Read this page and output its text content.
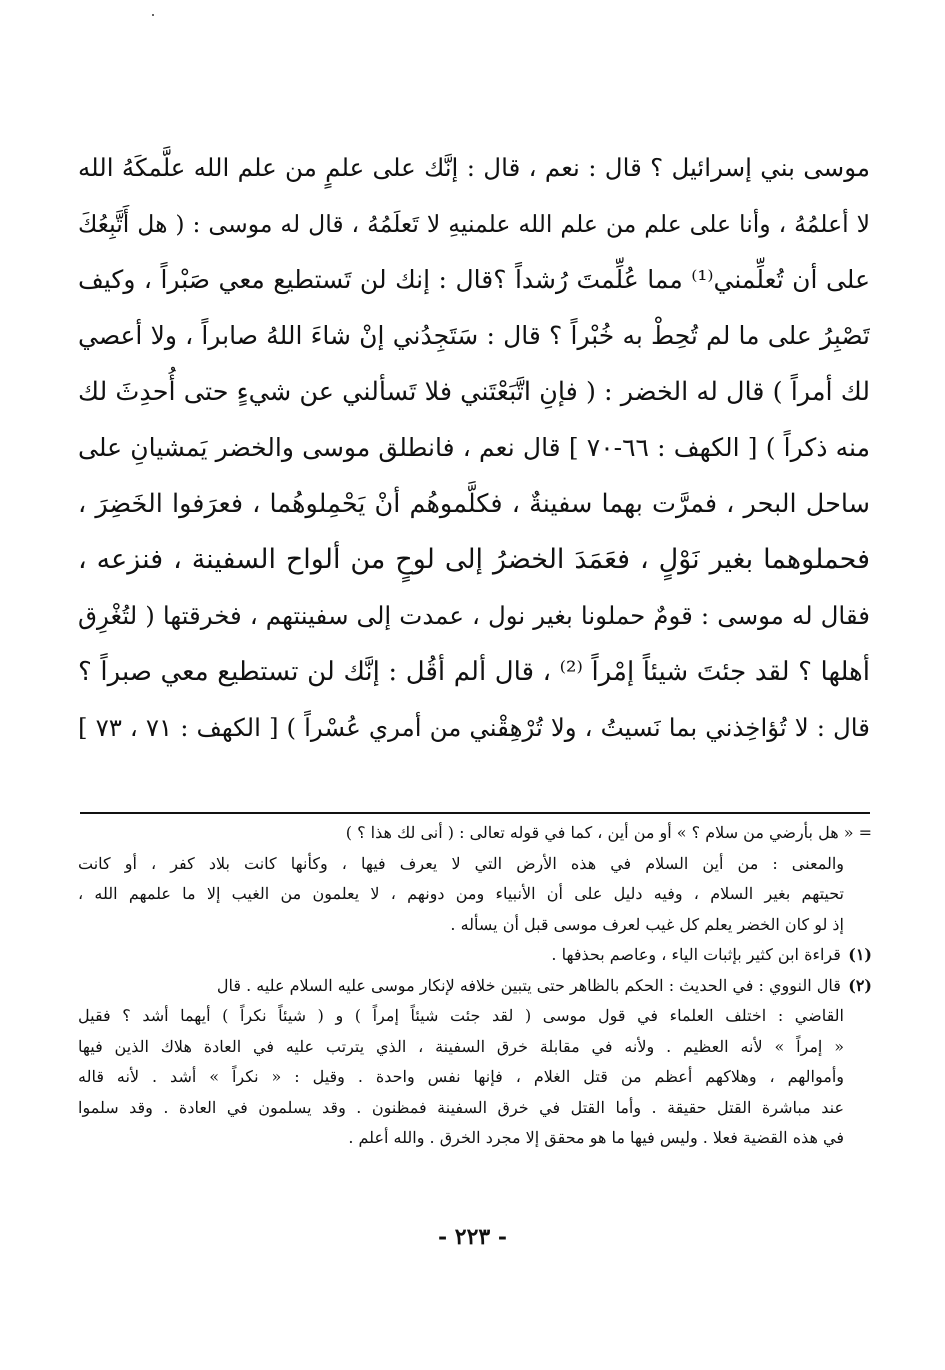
موسى بني إسرائيل ؟ قال : نعم ، قال : إنَّك على علمٍ من علم الله علَّمكَهُ الله
لا أعلمُهُ ، وأنا على علم من علم الله علمنيهِ لا تَعلَمُهُ ، قال له موسى : ( هل أَتَّبِعُكَ
على أن تُعلِّمني⁽¹⁾ مما عُلِّمتَ رُشداً ؟قال : إنك لن تَستطيع معي صَبْراً ، وكيف
تَصْبِرُ على ما لم تُحِطْ به خُبْراً ؟ قال : سَتَجِدُني إنْ شاءَ اللهُ صابراً ، ولا أعصي
لك أمراً ) قال له الخضر : ( فإنِ اتَّبَعْتَني فلا تَسألني عن شيءٍ حتى أُحدِثَ لك
منه ذكراً ) [ الكهف : ٦٦-٧٠ ] قال نعم ، فانطلق موسى والخضر يَمشيانِ على
ساحل البحر ، فمرَّت بهما سفينةٌ ، فكلَّموهُم أنْ يَحْمِلوهُما ، فعرَفوا الخَضِرَ ،
فحملوهما بغير نَوْلٍ ، فعَمَدَ الخضرُ إلى لوحٍ من ألواح السفينة ، فنزعه ،
فقال له موسى : قومٌ حملونا بغير نول ، عمدت إلى سفينتهم ، فخرقتها ( لتُغْرِق
أهلها ؟ لقد جئتَ شيئاً إمْراً ⁽²⁾ ، قال ألم أقُل : إنَّك لن تستطيع معي صبراً ؟
قال : لا تُؤاخِذني بما نَسيتُ ، ولا تُرْهِقْني من أمري عُسْراً ) [ الكهف : ٧١ ، ٧٣ ]
= « هل بأرضي من سلام ؟ » أو من أين ، كما في قوله تعالى : ( أنى لك هذا ؟ )
والمعنى : من أين السلام في هذه الأرض التي لا يعرف فيها ، وكأنها كانت بلاد كفر ، أو كانت
تحيتهم بغير السلام ، وفيه دليل على أن الأنبياء ومن دونهم ، لا يعلمون من الغيب إلا ما علمهم الله ،
إذ لو كان الخضر يعلم كل غيب لعرف موسى قبل أن يسأله .
(١) قراءة ابن كثير بإثبات الياء ، وعاصم بحذفها .
(٢) قال النووي : في الحديث : الحكم بالظاهر حتى يتبين خلافه لإنكار موسى عليه السلام عليه . قال
القاضي : اختلف العلماء في قول موسى ( لقد جئت شيئاً إمراً ) و ( شيئاً نكراً ) أيهما أشد ؟ فقيل
« إمراً » لأنه العظيم . ولأنه في مقابلة خرق السفينة ، الذي يترتب عليه في العادة هلاك الذين فيها
وأموالهم ، وهلاكهم أعظم من قتل الغلام ، فإنها نفس واحدة . وقيل : « نكراً » أشد . لأنه قاله
عند مباشرة القتل حقيقة . وأما القتل في خرق السفينة فمظنون . وقد يسلمون في العادة . وقد سلموا
في هذه القضية فعلا . وليس فيها ما هو محقق إلا مجرد الخرق . والله أعلم .
- ٢٢٣ -
